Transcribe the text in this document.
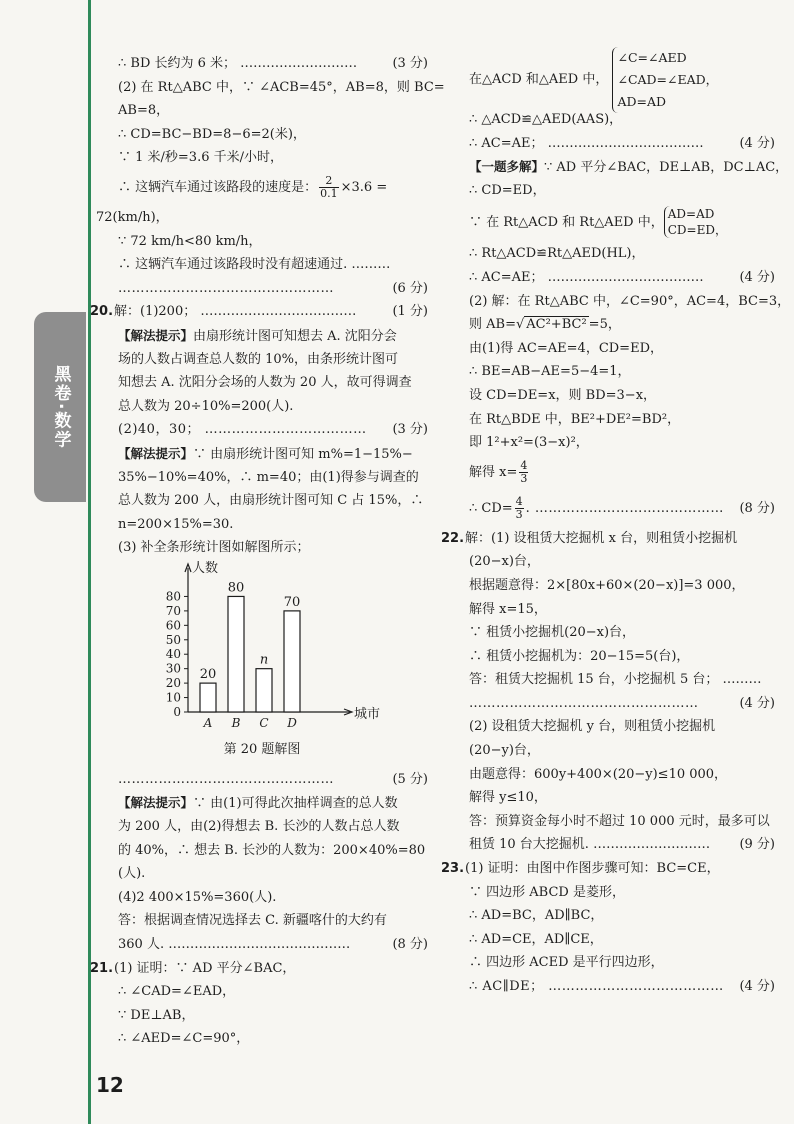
黑卷·数学
∴ BD 长约为 6 米； ………………………	(3 分)
(2) 在 Rt△ABC 中，∵ ∠ACB=45°，AB=8，则 BC=
AB=8，
∴ CD=BC−BD=8−6=2(米)，
∵ 1 米/秒=3.6 千米/小时，
∴ 这辆汽车通过该路段的速度是： $\frac{2}{0.1} \times 3.6$ =
72(km/h)，
∵ 72 km/h<80 km/h，
∴ 这辆汽车通过该路段时没有超速通过. ………
…………………………………………	(6 分)
20.解：(1)200； ………………………………	(1 分)
【解法提示】由扇形统计图可知想去 A. 沈阳分会
场的人数占调查总人数的 10%，由条形统计图可
知想去 A. 沈阳分会场的人数为 20 人，故可得调查
总人数为 20÷10%=200(人).
(2)40，30； ……………………………… (3 分)
【解法提示】∵ 由扇形统计图可知 m%=1−15%−
35%−10%=40%，∴ m=40；由(1)得参与调查的
总人数为 200 人，由扇形统计图可知 C 占 15%，∴
n=200×15%=30.
(3) 补全条形统计图如解图所示；
0
10
20
30
40
50
60
70
80
人数
城市
20
A
80
B
n
C
70
D
第 20 题解图
…………………………………………	(5 分)
【解法提示】∵ 由(1)可得此次抽样调查的总人数
为 200 人，由(2)得想去 B. 长沙的人数占总人数
的 40%，∴ 想去 B. 长沙的人数为：200×40%=80
(人).
(4)2 400×15%=360(人).
答：根据调查情况选择去 C. 新疆喀什的大约有
360 人. ……………………………………	(8 分)
21.(1) 证明：∵ AD 平分∠BAC，
∴ ∠CAD=∠EAD，
∵ DE⊥AB，
∴ ∠AED=∠C=90°，
在△ACD 和△AED 中，

∠C=∠AED
∠CAD=∠EAD，
AD=AD
∴ △ACD≌△AED(AAS)，
∴ AC=AE； ………………………………	(4 分)
【一题多解】∵ AD 平分∠BAC，DE⊥AB，DC⊥AC，
∴ CD=ED，
∵ 在 Rt△ACD 和 Rt△AED 中，
AD=AD
CD=ED，
∴ Rt△ACD≌Rt△AED(HL)，
∴ AC=AE； ………………………………	(4 分)
(2) 解：在 Rt△ABC 中，∠C=90°，AC=4，BC=3，
则 AB=√ AC²+BC² =5，
由(1)得 AC=AE=4，CD=ED，
∴ BE=AB−AE=5−4=1，
设 CD=DE=x，则 BD=3−x，
在 Rt△BDE 中，BE²+DE²=BD²，
即 1²+x²=(3−x)²，
解得 $x= \frac{4}{3}$
∴ $CD= \frac{4}{3}$ . …………………………………… (8 分)
22.解：(1) 设租赁大挖掘机 x 台，则租赁小挖掘机
(20−x)台，
根据题意得：2×[80x+60×(20−x)]=3 000，
解得 x=15，
∵ 租赁小挖掘机(20−x)台，
∴ 租赁小挖掘机为：20−15=5(台)，
答：租赁大挖掘机 15 台，小挖掘机 5 台； ………
……………………………………………	(4 分)
(2) 设租赁大挖掘机 y 台，则租赁小挖掘机
(20−y)台，
由题意得：600y+400×(20−y)≤10 000，
解得 y≤10，
答：预算资金每小时不超过 10 000 元时，最多可以
租赁 10 台大挖掘机. ……………………… (9 分)
23.(1) 证明：由图中作图步骤可知：BC=CE，
∵ 四边形 ABCD 是菱形，
∴ AD=BC，AD∥BC，
∴ AD=CE，AD∥CE，
∴ 四边形 ACED 是平行四边形，
∴ AC∥DE； ………………………………… (4 分)
12
